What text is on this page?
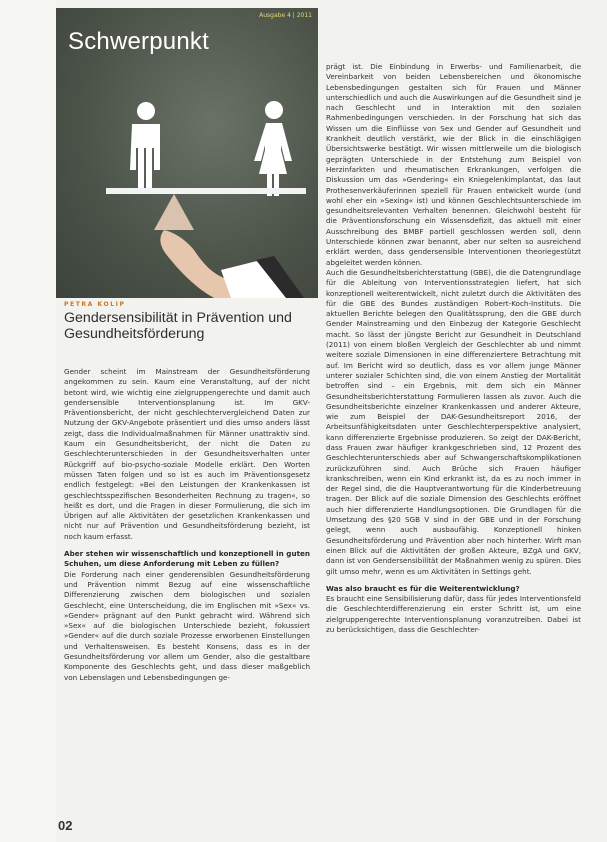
Ausgabe 4 | 2011
Schwerpunkt
PETRA KOLIP
Gendersensibilität in Prävention und Gesundheitsförderung

Gender scheint im Mainstream der Gesundheitsförderung angekommen zu sein. Kaum eine Veranstaltung, auf der nicht betont wird, wie wichtig eine zielgruppengerechte und damit auch gendersensible Interventionsplanung ist. Im GKV-Präventionsbericht, der nicht geschlechtervergleichend Daten zur Nutzung der GKV-Angebote präsentiert und dies umso anders lässt zeigt, dass die Individualmaßnahmen für Männer unattraktiv sind. Kaum ein Gesundheitsbericht, der nicht die Daten zu Geschlechterunterschieden in der Gesundheitsverhalten unter Rückgriff auf bio-psycho-soziale Modelle erklärt. Den Worten müssen Taten folgen und so ist es auch im Präventionsgesetz endlich festgelegt: »Bei den Leistungen der Krankenkassen ist geschlechtsspezifischen Besonderheiten Rechnung zu tragen«, so heißt es dort, und die Fragen in dieser Formulierung, die sich im Übrigen auf alle Aktivitäten der gesetzlichen Krankenkassen und nicht nur auf Prävention und Gesundheitsförderung bezieht, ist noch kaum erfasst.

Aber stehen wir wissenschaftlich und konzeptionell in guten Schuhen, um diese Anforderung mit Leben zu füllen?

Die Forderung nach einer genderensiblen Gesundheitsförderung und Prävention nimmt Bezug auf eine wissenschaftliche Differenzierung zwischen dem biologischen und sozialen Geschlecht, eine Unterscheidung, die im Englischen mit »Sex« vs. »Gender« prägnant auf den Punkt gebracht wird. Während sich »Sex« auf die biologischen Unterschiede bezieht, fokussiert »Gender« auf die durch soziale Prozesse erworbenen Einstellungen und Verhaltensweisen. Es besteht Konsens, dass es in der Gesundheitsförderung vor allem um Gender, also die gestaltbare Komponente des Geschlechts geht, und dass dieser maßgeblich von Lebenslagen und Lebensbedingungen ge-

prägt ist. Die Einbindung in Erwerbs- und Familienarbeit, die Vereinbarkeit von beiden Lebensbereichen und ökonomische Lebensbedingungen gestalten sich für Frauen und Männer unterschiedlich und auch die Auswirkungen auf die Gesundheit sind je nach Geschlecht und in Interaktion mit den sozialen Rahmenbedingungen verschieden. In der Forschung hat sich das Wissen um die Einflüsse von Sex und Gender auf Gesundheit und Krankheit deutlich verstärkt, wie der Blick in die einschlägigen Übersichtswerke bestätigt. Wir wissen mittlerweile um die biologisch geprägten Unterschiede in der Entstehung zum Beispiel von Herzinfarkten und rheumatischen Erkrankungen, verfolgen die Diskussion um das »Gendering« ein Kniegelenkimplantat, das laut Prothesenverkäuferinnen speziell für Frauen entwickelt wurde (und wohl eher ein »Sexing« ist) und können Geschlechtsunterschiede im gesundheitsrelevanten Verhalten benennen. Gleichwohl besteht für die Präventionsforschung ein Wissensdefizit, das aktuell mit einer Ausschreibung des BMBF partiell geschlossen werden soll, denn Unterschiede können zwar benannt, aber nur selten so ausreichend erklärt werden, dass gendersensible Interventionen theoriegestützt abgeleitet werden können.

Auch die Gesundheitsberichterstattung (GBE), die die Datengrundlage für die Ableitung von Interventionsstrategien liefert, hat sich konzeptionell weiterentwickelt, nicht zuletzt durch die Aktivitäten des für die GBE des Bundes zuständigen Robert-Koch-Instituts. Die aktuellen Berichte belegen den Qualitätssprung, den die GBE durch Gender Mainstreaming und den Einbezug der Kategorie Geschlecht macht. So lässt der jüngste Bericht zur Gesundheit in Deutschland (2011) von einem bloßen Vergleich der Geschlechter ab und nimmt weitere soziale Dimensionen in eine differenziertere Betrachtung mit auf. Im Bericht wird so deutlich, dass es vor allem junge Männer unterer sozialer Schichten sind, die von einem Anstieg der Mortalität betroffen sind – ein Ergebnis, mit dem sich ein Männer Gesundheitsberichterstattung Formulieren lassen als zuvor. Auch die Gesundheitsberichte einzelner Krankenkassen und anderer Akteure, wie zum Beispiel der DAK-Gesundheitsreport 2016, der Arbeitsunfähigkeitsdaten unter Geschlechterperspektive analysiert, kann differenzierte Ergebnisse produzieren. So zeigt der DAK-Bericht, dass Frauen zwar häufiger krankgeschrieben sind, 12 Prozent des Geschlechterunterschieds aber auf Schwangerschaftskomplikationen zurückzuführen sind. Auch Brüche sich Frauen häufiger krankschreiben, wenn ein Kind erkrankt ist, da es zu noch immer in der Regel sind, die die Hauptverantwortung für die Kinderbetreuung tragen. Der Blick auf die soziale Dimension des Geschlechts eröffnet auch hier differenzierte Handlungsoptionen. Die Grundlagen für die Umsetzung des §20 SGB V sind in der GBE und in der Forschung gelegt, wenn auch ausbaufähig. Konzeptionell hinken Gesundheitsförderung und Prävention aber noch hinterher. Wirft man einen Blick auf die Aktivitäten der großen Akteure, BZgA und GKV, dann ist von Gendersensibilität der Maßnahmen wenig zu spüren. Dies gilt umso mehr, wenn es um Aktivitäten in Settings geht.

Was also braucht es für die Weiterentwicklung?

Es braucht eine Sensibilisierung dafür, dass für jedes Interventionsfeld die Geschlechterdifferenzierung ein erster Schritt ist, um eine zielgruppengerechte Interventionsplanung voranzutreiben. Dabei ist zu berücksichtigen, dass die Geschlechter-

02
